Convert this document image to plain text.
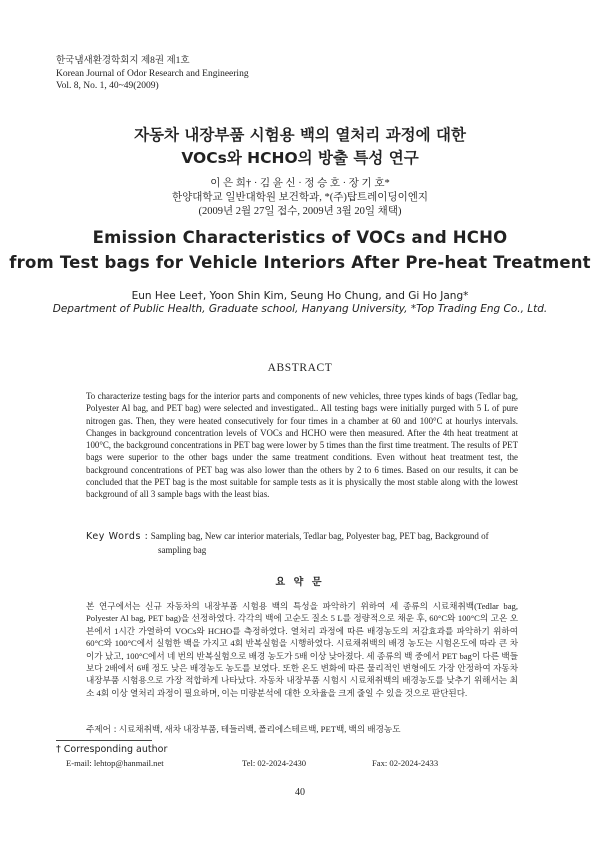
한국냄새환경학회지 제8권 제1호
Korean Journal of Odor Research and Engineering
Vol. 8, No. 1, 40~49(2009)
자동차 내장부품 시험용 백의 열처리 과정에 대한
VOCs와 HCHO의 방출 특성 연구
이 은 희† · 김 윤 신 · 정 승 호 · 장 기 호*
한양대학교 일반대학원 보건학과, *(주)탑트레이딩이엔지
(2009년 2월 27일 접수, 2009년 3월 20일 채택)
Emission Characteristics of VOCs and HCHO
from Test bags for Vehicle Interiors After Pre-heat Treatment
Eun Hee Lee†, Yoon Shin Kim, Seung Ho Chung, and Gi Ho Jang*
Department of Public Health, Graduate school, Hanyang University, *Top Trading Eng Co., Ltd.
ABSTRACT
To characterize testing bags for the interior parts and components of new vehicles, three types kinds of bags (Tedlar bag, Polyester Al bag, and PET bag) were selected and investigated.. All testing bags were initially purged with 5 L of pure nitrogen gas. Then, they were heated consecutively for four times in a chamber at 60 and 100°C at hourlys intervals. Changes in background concentration levels of VOCs and HCHO were then measured. After the 4th heat treatment at 100°C, the background concentrations in PET bag were lower by 5 times than the first time treatment. The results of PET bags were superior to the other bags under the same treatment conditions. Even without heat treatment test, the background concentrations of PET bag was also lower than the others by 2 to 6 times. Based on our results, it can be concluded that the PET bag is the most suitable for sample tests as it is physically the most stable along with the lowest background of all 3 sample bags with the least bias.
Key Words : Sampling bag, New car interior materials, Tedlar bag, Polyester bag, PET bag, Background of
sampling bag
요 약 문
본 연구에서는 신규 자동차의 내장부품 시험용 백의 특성을 파악하기 위하여 세 종류의 시료채취백(Tedlar bag, Polyester Al bag, PET bag)을 선정하였다. 각각의 백에 고순도 질소 5 L를 정량적으로 채운 후, 60°C와 100°C의 고온 오븐에서 1시간 가열하여 VOCs와 HCHO를 측정하였다. 열처리 과정에 따른 배경농도의 저감효과를 파악하기 위하여 60°C와 100°C에서 실험한 백을 가지고 4회 반복실험을 시행하였다. 시료채취백의 배경 농도는 시험온도에 따라 큰 차이가 났고, 100°C에서 네 번의 반복실험으로 배경 농도가 5배 이상 낮아졌다. 세 종류의 백 중에서 PET bag이 다른 백들보다 2배에서 6배 정도 낮은 배경농도 농도를 보였다. 또한 온도 변화에 따른 물리적인 변형에도 가장 안정하여 자동차 내장부품 시험용으로 가장 적합하게 나타났다. 자동차 내장부품 시험시 시료채취백의 배경농도를 낮추기 위해서는 최소 4회 이상 열처리 과정이 필요하며, 이는 미량분석에 대한 오차율을 크게 줄일 수 있을 것으로 판단된다.
주제어 : 시료채취백, 새차 내장부품, 테들러백, 폴리에스테르백, PET백, 백의 배경농도
† Corresponding author
E-mail: lehtop@hanmail.net	Tel: 02-2024-2430	Fax: 02-2024-2433
40
